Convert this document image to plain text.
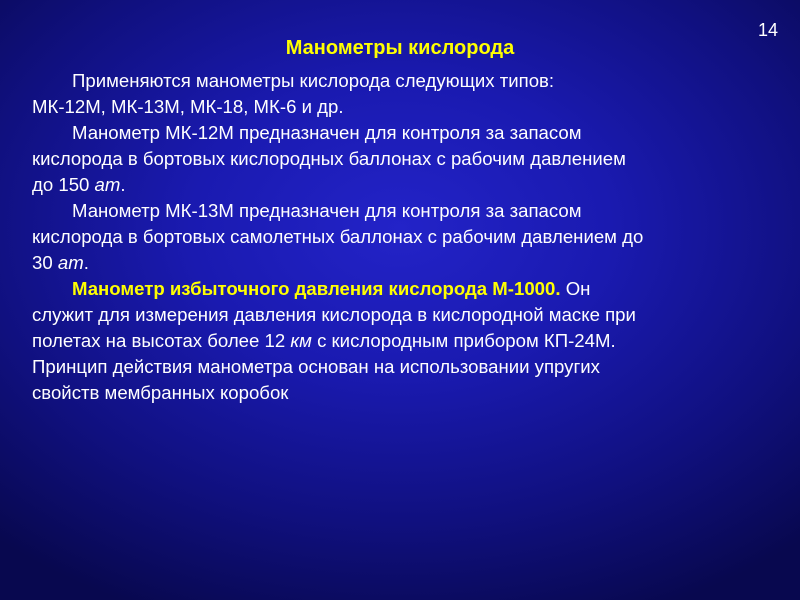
14
Манометры кислорода

Применяются манометры кислорода следующих типов:
МК-12М, МК-13М, МК-18, МК-6 и др.

Манометр МК-12М предназначен для контроля за запасом
кислорода в бортовых кислородных баллонах с рабочим давлением
до 150 ат.

Манометр МК-13М предназначен для контроля за запасом
кислорода в бортовых самолетных баллонах с рабочим давлением до
30 ат.

Манометр избыточного давления кислорода М-1000. Он
служит для измерения давления кислорода в кислородной маске при
полетах на высотах более 12 км с кислородным прибором КП-24М.
Принцип действия манометра основан на использовании упругих
свойств мембранных коробок
